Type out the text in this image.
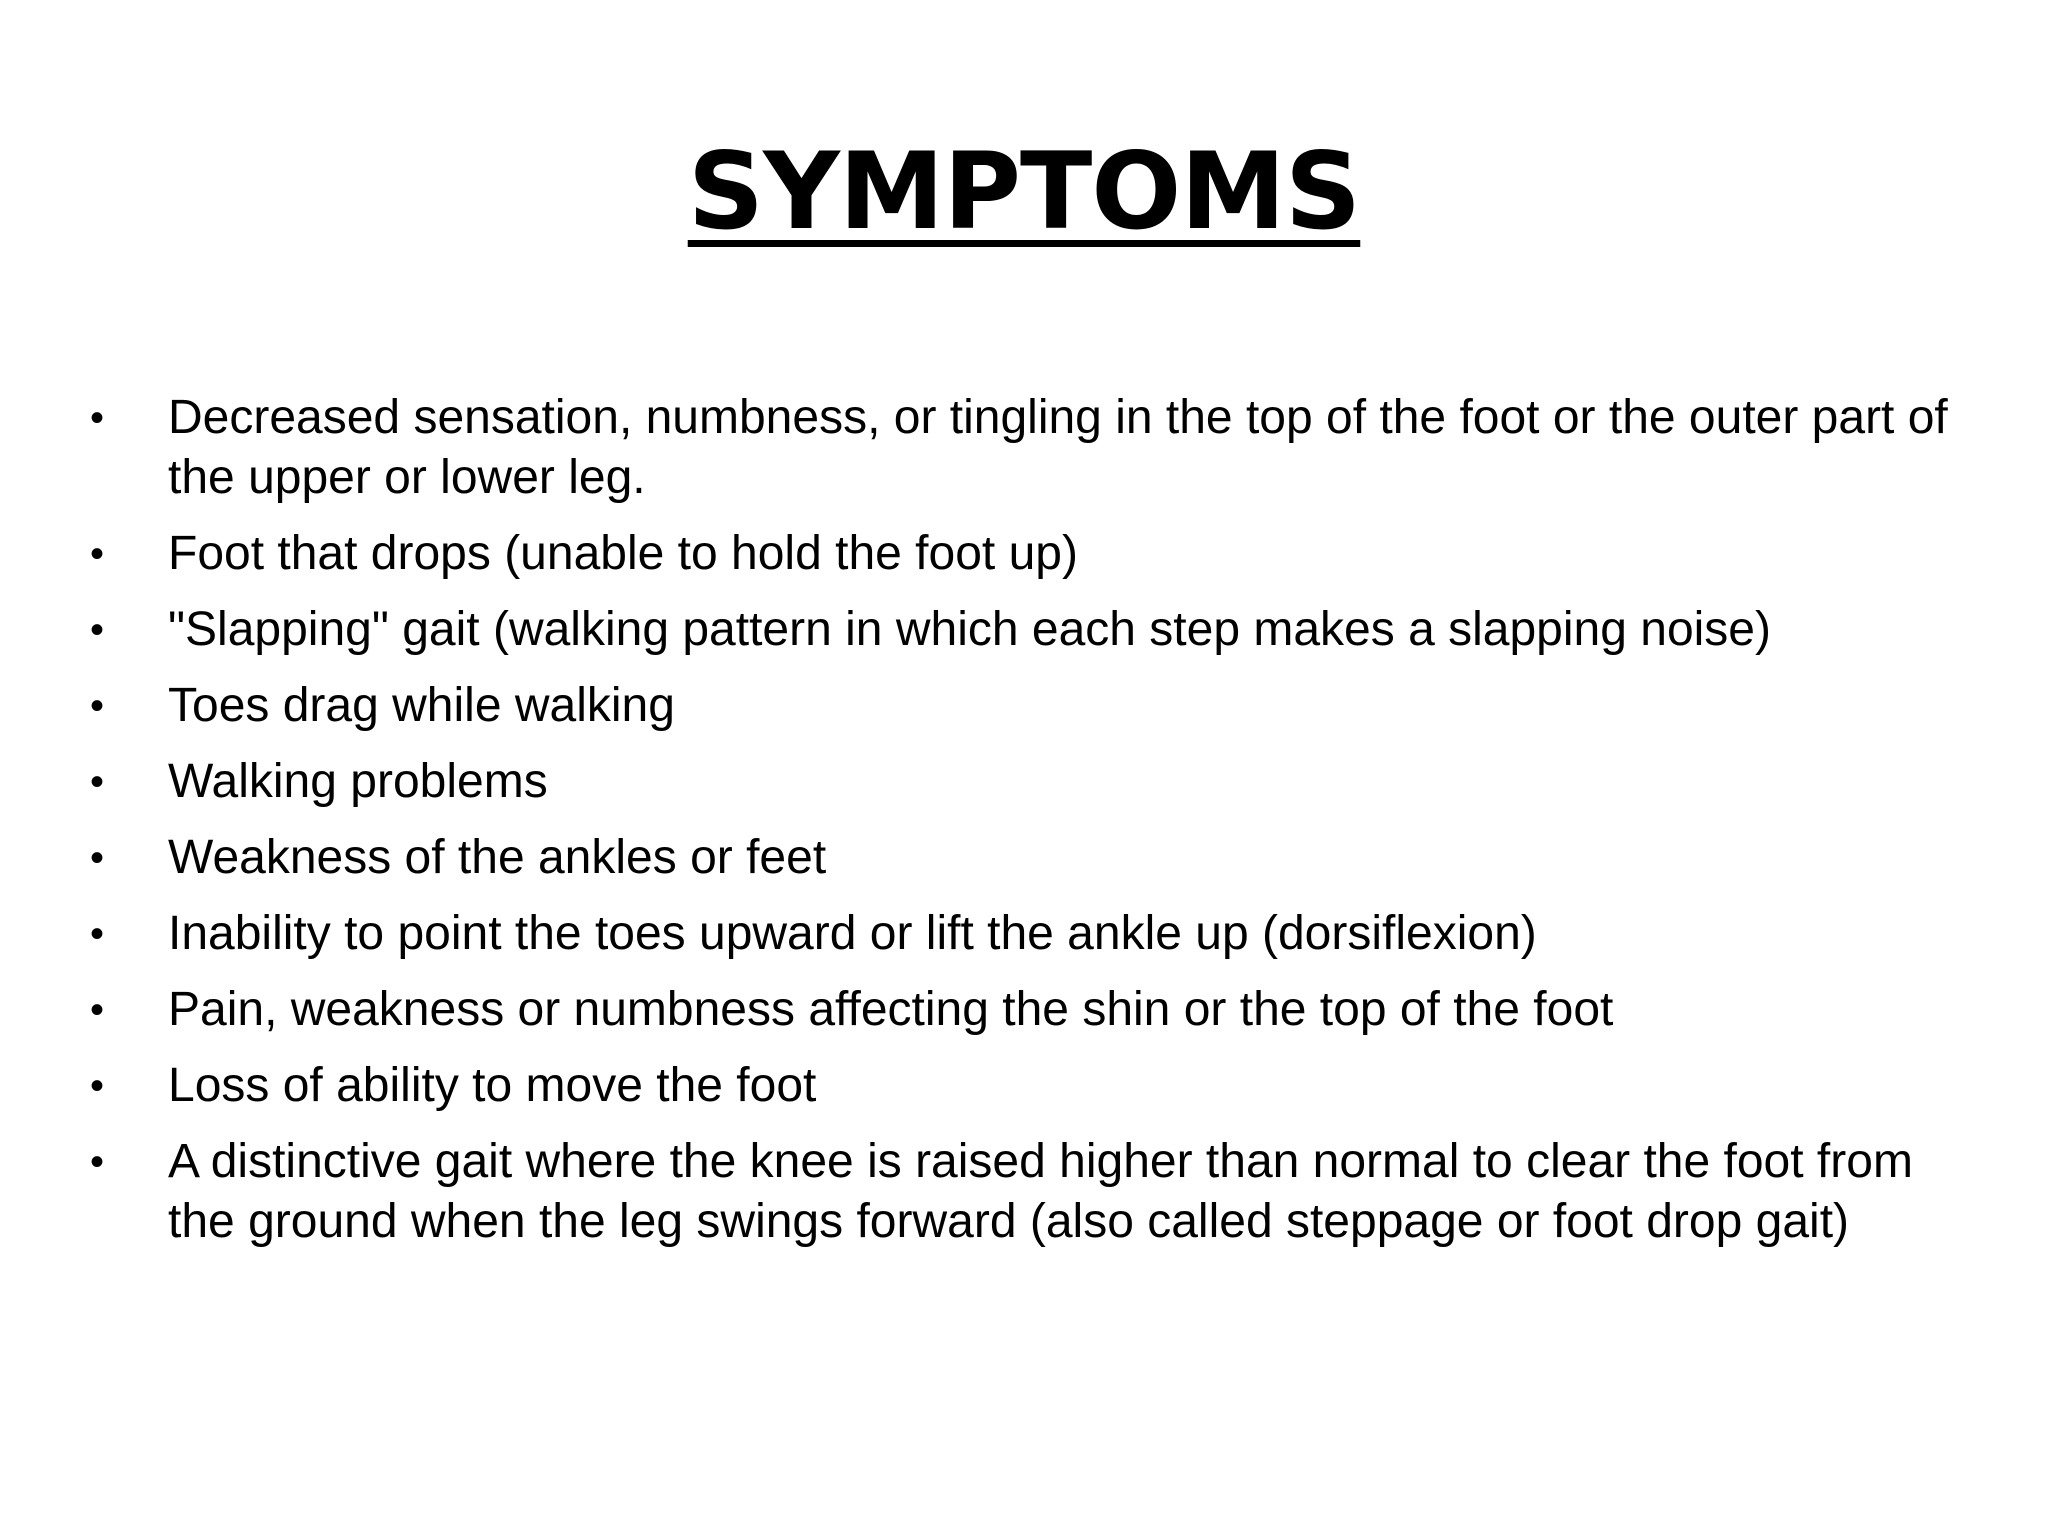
SYMPTOMS
•	Decreased sensation, numbness, or tingling in the top of the foot or the outer part of the upper or lower leg.
•	Foot that drops (unable to hold the foot up)
•	"Slapping" gait (walking pattern in which each step makes a slapping noise)
•	Toes drag while walking
•	Walking problems
•	Weakness of the ankles or feet
•	Inability to point the toes upward or lift the ankle up (dorsiflexion)
•	Pain, weakness or numbness affecting the shin or the top of the foot
•	Loss of ability to move the foot
•	A distinctive gait where the knee is raised higher than normal to clear the foot from the ground when the leg swings forward (also called steppage or foot drop gait)
